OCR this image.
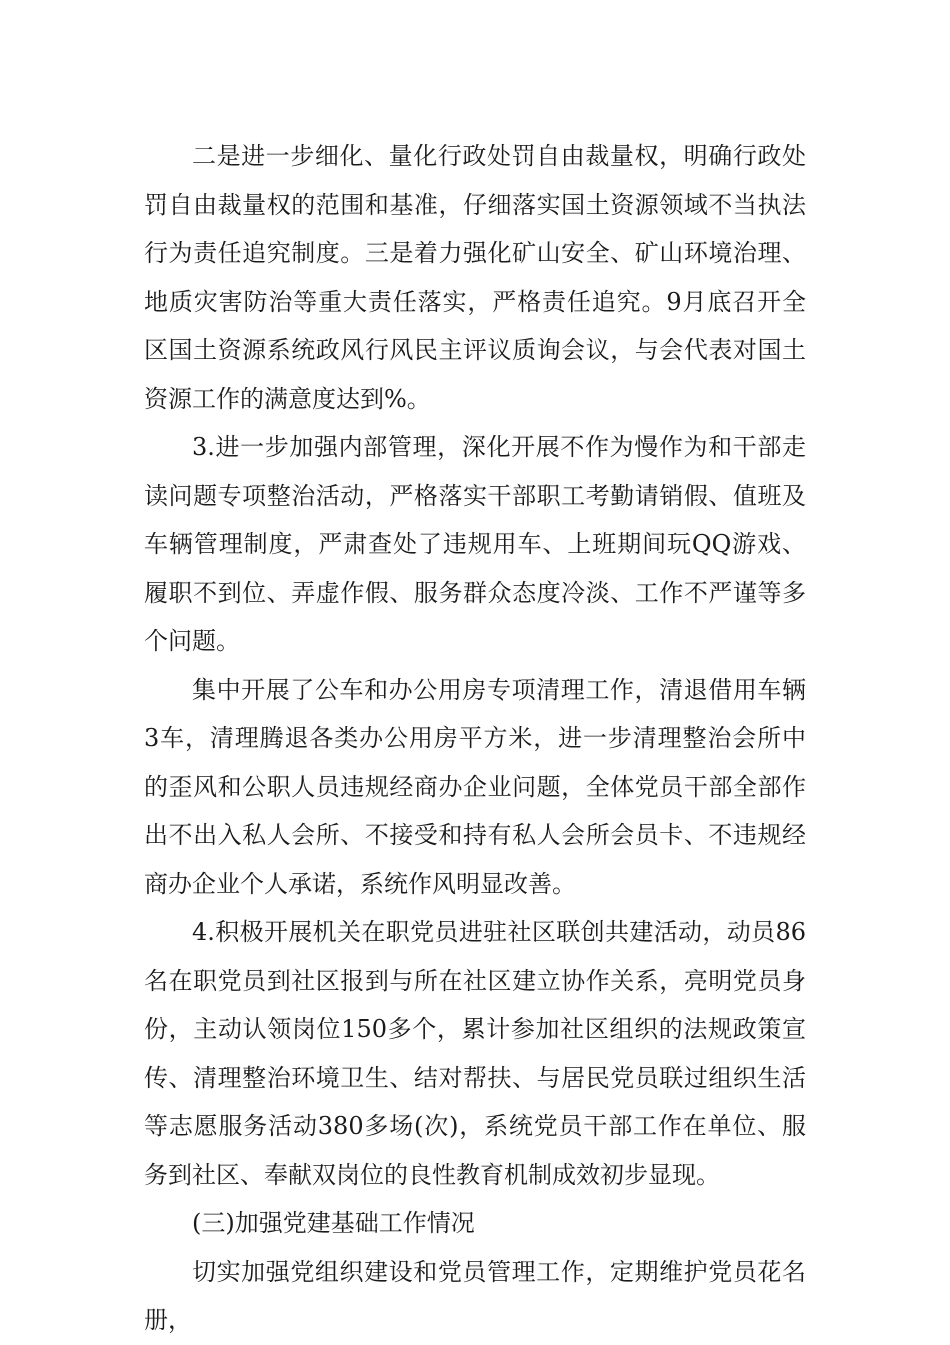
二是进一步细化、量化行政处罚自由裁量权，明确行政处罚自由裁量权的范围和基准，仔细落实国土资源领域不当执法行为责任追究制度。三是着力强化矿山安全、矿山环境治理、地质灾害防治等重大责任落实，严格责任追究。9月底召开全区国土资源系统政风行风民主评议质询会议，与会代表对国土资源工作的满意度达到%。

3.进一步加强内部管理，深化开展不作为慢作为和干部走读问题专项整治活动，严格落实干部职工考勤请销假、值班及车辆管理制度，严肃查处了违规用车、上班期间玩QQ游戏、履职不到位、弄虚作假、服务群众态度冷淡、工作不严谨等多个问题。

集中开展了公车和办公用房专项清理工作，清退借用车辆3车，清理腾退各类办公用房平方米，进一步清理整治会所中的歪风和公职人员违规经商办企业问题，全体党员干部全部作出不出入私人会所、不接受和持有私人会所会员卡、不违规经商办企业个人承诺，系统作风明显改善。

4.积极开展机关在职党员进驻社区联创共建活动，动员86名在职党员到社区报到与所在社区建立协作关系，亮明党员身份，主动认领岗位150多个，累计参加社区组织的法规政策宣传、清理整治环境卫生、结对帮扶、与居民党员联过组织生活等志愿服务活动380多场(次)，系统党员干部工作在单位、服务到社区、奉献双岗位的良性教育机制成效初步显现。

(三)加强党建基础工作情况

切实加强党组织建设和党员管理工作，定期维护党员花名册，
